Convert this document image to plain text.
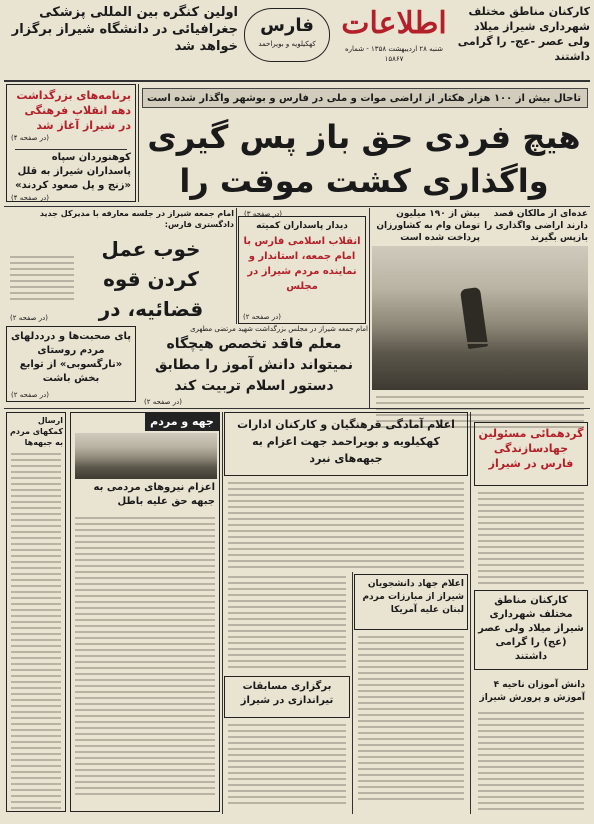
کارکنان مناطق مختلف شهرداری شیراز میلاد ولی عصر -عج- را گرامی داشتند
اطلاعات
شنبه ۲۸ اردیبهشت ۱۳۵۸ - شماره ۱۵۸۶۷
فارس
کهکیلویه و بویراحمد
اولین کنگره بین المللی پزشکی جغرافیائی در دانشگاه شیراز برگزار خواهد شد
تاحال بیش از ۱۰۰ هزار هکتار از اراضی موات و ملی در فارس و بوشهر واگذار شده است
هیچ فردی حق باز پس گیری
واگذاری کشت موقت را
برنامه‌های بزرگداشت دهه انقلاب فرهنگی در شیراز آغاز شد
(در صفحه ۴)
کوهنوردان سپاه پاسداران شیراز به قلل «زنج و پل صعود کردند»
(در صفحه ۴)
عده‌ای از مالکان قصد دارند اراضی واگذاری را بازپس بگیرند
بیش از ۱۹۰ میلیون تومان وام به کشاورزان پرداخت شده است
(در صفحه ۳)
امام جمعه شیراز در جلسه معارفه با مدیرکل جدید دادگستری فارس:
خوب عمل کردن قوه قضائیه، در
(در صفحه ۲)
دیدار پاسداران کمیته
انقلاب اسلامی فارس با امام جمعه، استاندار و نماینده مردم شیراز در مجلس
(در صفحه ۲)
پای صحبت‌ها و درددلهای مردم روستای «نارگسوبی» از توابع بخش باشت
(در صفحه ۲)
امام جمعه شیراز در مجلس بزرگداشت شهید مرتضی مطهری
معلم فاقد تخصص هیچگاه نمیتواند دانش آموز را مطابق دستور اسلام تربیت کند
(در صفحه ۲)
ارسال کمکهای مردم به جبهه‌ها
جهه و مردم
اعزام نیروهای مردمی به جبهه حق علیه باطل
اعلام آمادگی فرهنگیان و کارکنان ادارات کهکیلویه و بویراحمد جهت اعزام به جبهه‌های نبرد
گردهمائی مسئولین جهادسازندگی فارس در شیراز
اعلام جهاد دانشجویان شیراز از مبارزات مردم لبنان علیه آمریکا
برگزاری مسابقات تیراندازی در شیراز
کارکنان مناطق مختلف شهرداری شیراز میلاد ولی عصر (عج) را گرامی داشتند
دانش آموزان ناحیه ۴ آموزش و پرورش شیراز
